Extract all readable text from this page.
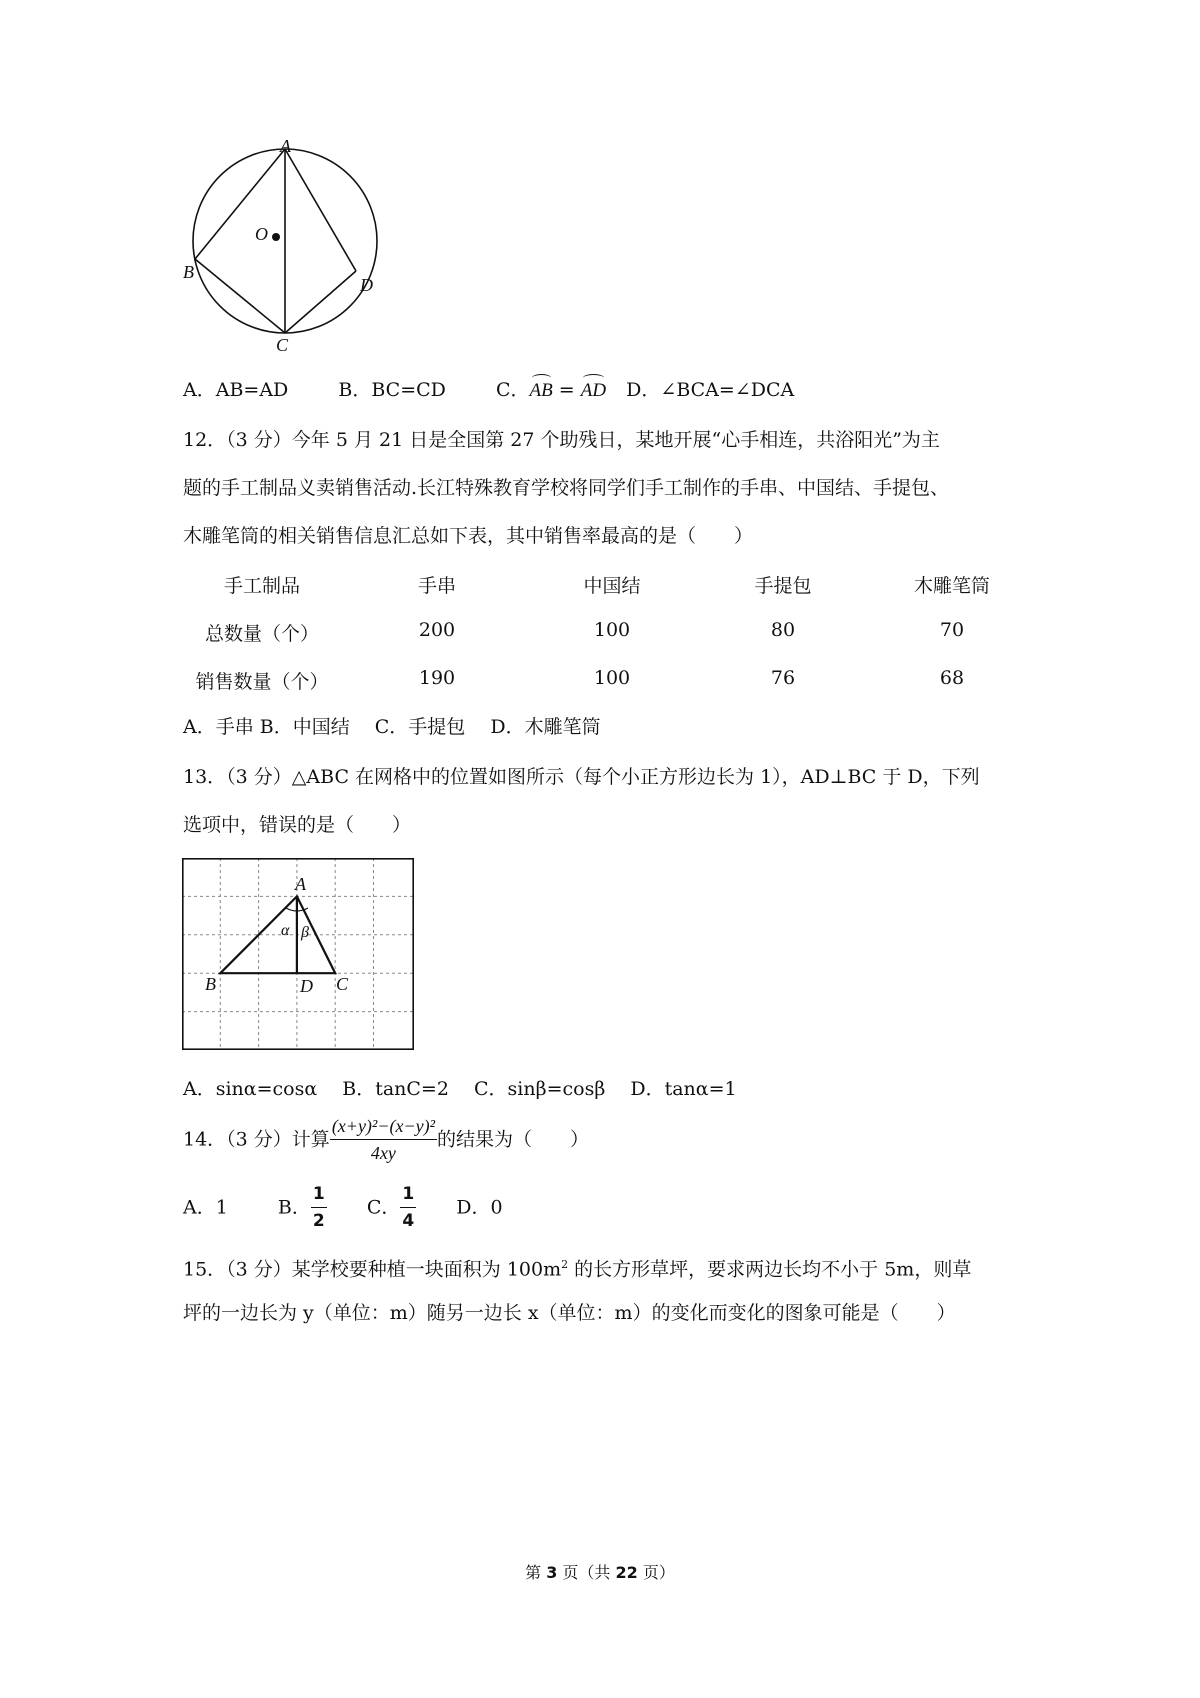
A
O
B
D
C
A．AB=AD	B．BC=CD	C．AB = AD D．∠BCA=∠DCA
12．（3 分）今年 5 月 21 日是全国第 27 个助残日，某地开展“心手相连，共浴阳光”为主
题的手工制品义卖销售活动.长江特殊教育学校将同学们手工制作的手串、中国结、手提包、
木雕笔筒的相关销售信息汇总如下表，其中销售率最高的是（　　）
手工制品	手串	中国结	手提包	木雕笔筒
总数量（个）	200	100	80	70
销售数量（个）	190	100	76	68
A．手串 B．中国结　 C．手提包　 D．木雕笔筒
13．（3 分）△ABC 在网格中的位置如图所示（每个小正方形边长为 1），AD⊥BC 于 D，下列
选项中，错误的是（　　）
A
α β
B	D C
A．sinα=cosα　 B．tanC=2　 C．sinβ=cosβ　 D．tanα=1
14．（3 分）计算 $\frac{\text{(x+y)²−(x−y)²}}{4xy}$ 的结果为（　　）
A．1	B． $\frac{1}{2}$ C． $\frac{1}{4}$ D．0
15．（3 分）某学校要种植一块面积为 $100m^2$ 的长方形草坪，要求两边长均不小于 5m，则草
坪的一边长为 y（单位：m）随另一边长 x（单位：m）的变化而变化的图象可能是（　　）
第 3 页（共 22 页）
